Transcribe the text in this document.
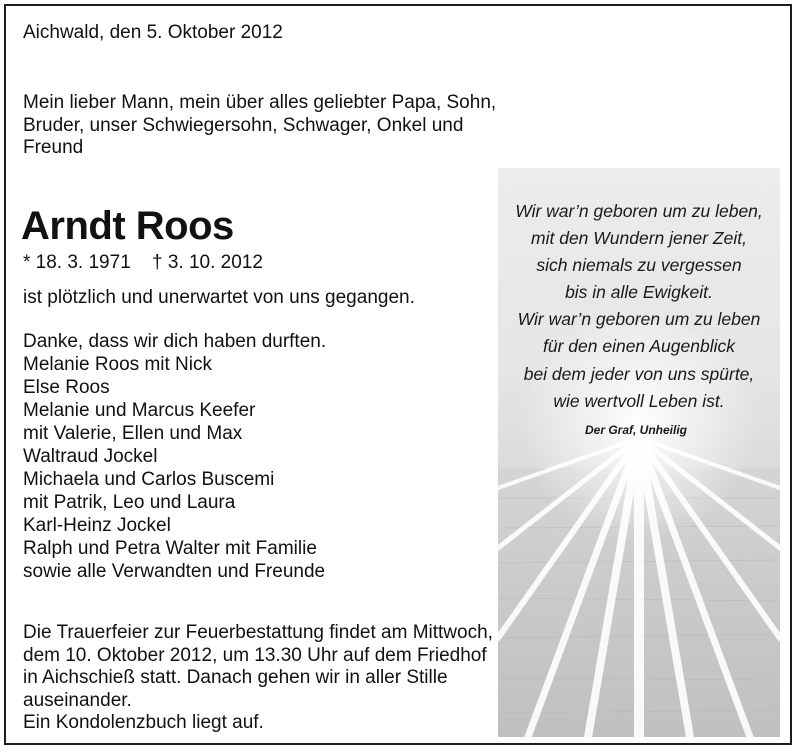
Aichwald, den 5. Oktober 2012

Mein lieber Mann, mein über alles geliebter Papa, Sohn,
Bruder, unser Schwiegersohn, Schwager, Onkel und
Freund
Arndt Roos

* 18. 3. 1971 † 3. 10. 2012

ist plötzlich und unerwartet von uns gegangen.

Danke, dass wir dich haben durften.
Melanie Roos mit Nick
Else Roos
Melanie und Marcus Keefer
mit Valerie, Ellen und Max
Waltraud Jockel
Michaela und Carlos Buscemi
mit Patrik, Leo und Laura
Karl-Heinz Jockel
Ralph und Petra Walter mit Familie
sowie alle Verwandten und Freunde
Die Trauerfeier zur Feuerbestattung findet am Mittwoch,
dem 10. Oktober 2012, um 13.30 Uhr auf dem Friedhof
in Aichschieß statt. Danach gehen wir in aller Stille
auseinander.
Ein Kondolenzbuch liegt auf.
Wir war’n geboren um zu leben,
mit den Wundern jener Zeit,
sich niemals zu vergessen
bis in alle Ewigkeit.
Wir war’n geboren um zu leben
für den einen Augenblick
bei dem jeder von uns spürte,
wie wertvoll Leben ist.
Der Graf, Unheilig
